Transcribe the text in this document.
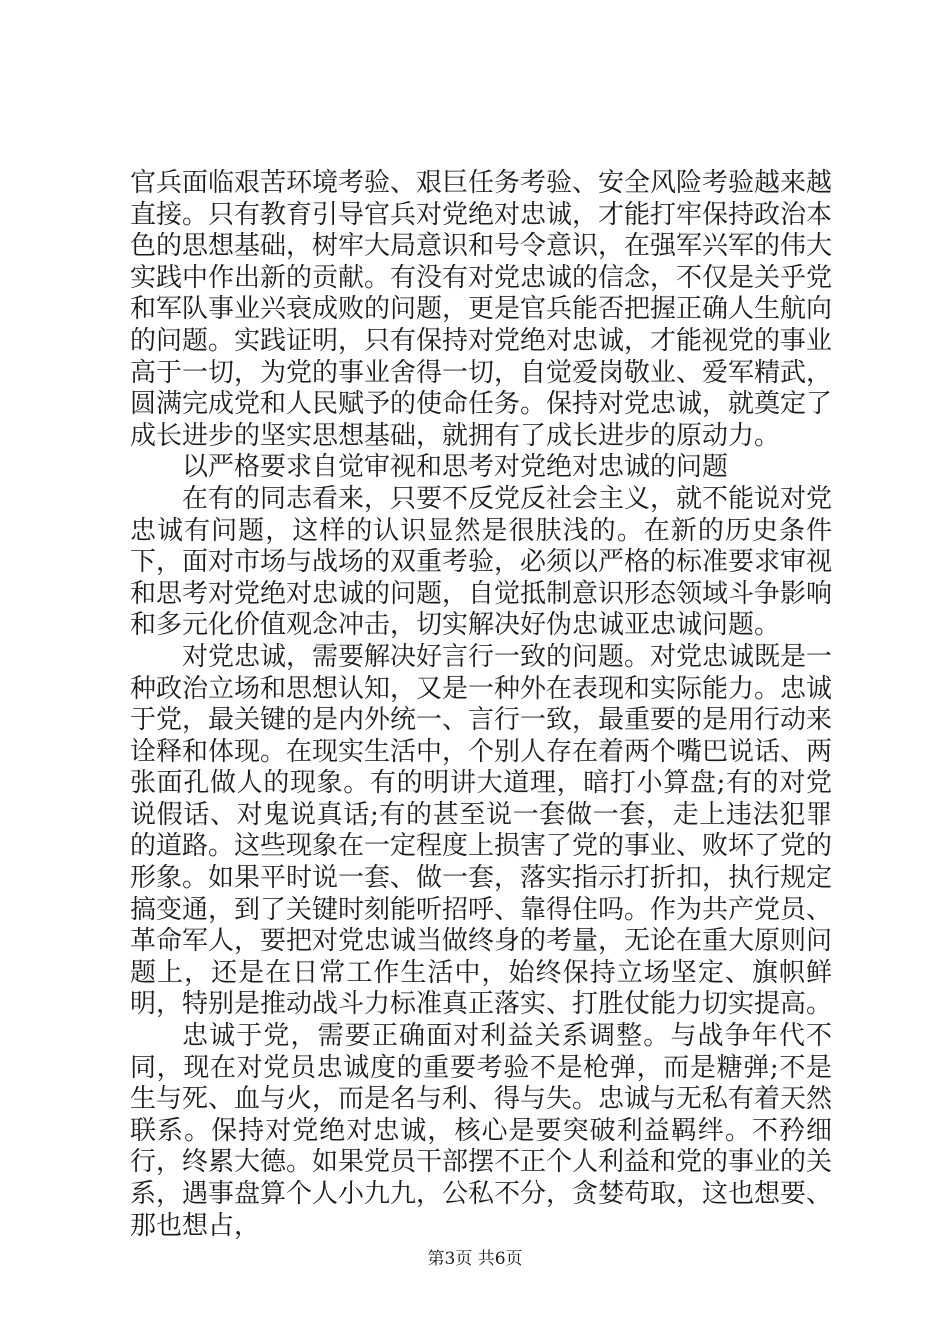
官兵面临艰苦环境考验、艰巨任务考验、安全风险考验越来越直接。只有教育引导官兵对党绝对忠诚，才能打牢保持政治本色的思想基础，树牢大局意识和号令意识，在强军兴军的伟大实践中作出新的贡献。有没有对党忠诚的信念，不仅是关乎党和军队事业兴衰成败的问题，更是官兵能否把握正确人生航向的问题。实践证明，只有保持对党绝对忠诚，才能视党的事业高于一切，为党的事业舍得一切，自觉爱岗敬业、爱军精武，圆满完成党和人民赋予的使命任务。保持对党忠诚，就奠定了成长进步的坚实思想基础，就拥有了成长进步的原动力。

以严格要求自觉审视和思考对党绝对忠诚的问题

在有的同志看来，只要不反党反社会主义，就不能说对党忠诚有问题，这样的认识显然是很肤浅的。在新的历史条件下，面对市场与战场的双重考验，必须以严格的标准要求审视和思考对党绝对忠诚的问题，自觉抵制意识形态领域斗争影响和多元化价值观念冲击，切实解决好伪忠诚亚忠诚问题。

对党忠诚，需要解决好言行一致的问题。对党忠诚既是一种政治立场和思想认知，又是一种外在表现和实际能力。忠诚于党，最关键的是内外统一、言行一致，最重要的是用行动来诠释和体现。在现实生活中，个别人存在着两个嘴巴说话、两张面孔做人的现象。有的明讲大道理，暗打小算盘;有的对党说假话、对鬼说真话;有的甚至说一套做一套，走上违法犯罪的道路。这些现象在一定程度上损害了党的事业、败坏了党的形象。如果平时说一套、做一套，落实指示打折扣，执行规定搞变通，到了关键时刻能听招呼、靠得住吗。作为共产党员、革命军人，要把对党忠诚当做终身的考量，无论在重大原则问题上，还是在日常工作生活中，始终保持立场坚定、旗帜鲜明，特别是推动战斗力标准真正落实、打胜仗能力切实提高。

忠诚于党，需要正确面对利益关系调整。与战争年代不同，现在对党员忠诚度的重要考验不是枪弹，而是糖弹;不是生与死、血与火，而是名与利、得与失。忠诚与无私有着天然联系。保持对党绝对忠诚，核心是要突破利益羁绊。不矜细行，终累大德。如果党员干部摆不正个人利益和党的事业的关系，遇事盘算个人小九九，公私不分，贪婪苟取，这也想要、那也想占，

第3页 共6页
